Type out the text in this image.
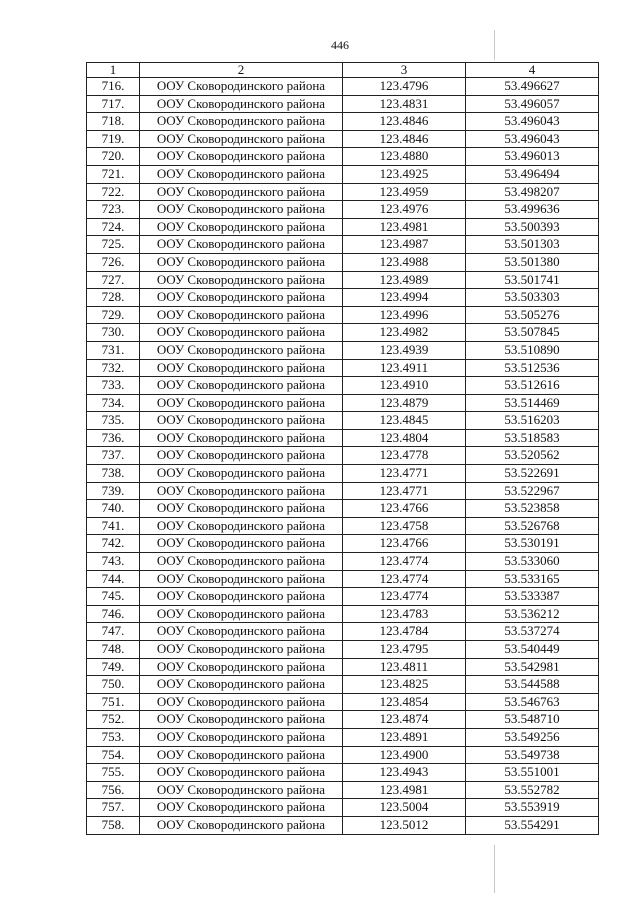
446
1	2	3	4
716.	ООУ Сковородинского района	123.4796	53.496627
717.	ООУ Сковородинского района	123.4831	53.496057
718.	ООУ Сковородинского района	123.4846	53.496043
719.	ООУ Сковородинского района	123.4846	53.496043
720.	ООУ Сковородинского района	123.4880	53.496013
721.	ООУ Сковородинского района	123.4925	53.496494
722.	ООУ Сковородинского района	123.4959	53.498207
723.	ООУ Сковородинского района	123.4976	53.499636
724.	ООУ Сковородинского района	123.4981	53.500393
725.	ООУ Сковородинского района	123.4987	53.501303
726.	ООУ Сковородинского района	123.4988	53.501380
727.	ООУ Сковородинского района	123.4989	53.501741
728.	ООУ Сковородинского района	123.4994	53.503303
729.	ООУ Сковородинского района	123.4996	53.505276
730.	ООУ Сковородинского района	123.4982	53.507845
731.	ООУ Сковородинского района	123.4939	53.510890
732.	ООУ Сковородинского района	123.4911	53.512536
733.	ООУ Сковородинского района	123.4910	53.512616
734.	ООУ Сковородинского района	123.4879	53.514469
735.	ООУ Сковородинского района	123.4845	53.516203
736.	ООУ Сковородинского района	123.4804	53.518583
737.	ООУ Сковородинского района	123.4778	53.520562
738.	ООУ Сковородинского района	123.4771	53.522691
739.	ООУ Сковородинского района	123.4771	53.522967
740.	ООУ Сковородинского района	123.4766	53.523858
741.	ООУ Сковородинского района	123.4758	53.526768
742.	ООУ Сковородинского района	123.4766	53.530191
743.	ООУ Сковородинского района	123.4774	53.533060
744.	ООУ Сковородинского района	123.4774	53.533165
745.	ООУ Сковородинского района	123.4774	53.533387
746.	ООУ Сковородинского района	123.4783	53.536212
747.	ООУ Сковородинского района	123.4784	53.537274
748.	ООУ Сковородинского района	123.4795	53.540449
749.	ООУ Сковородинского района	123.4811	53.542981
750.	ООУ Сковородинского района	123.4825	53.544588
751.	ООУ Сковородинского района	123.4854	53.546763
752.	ООУ Сковородинского района	123.4874	53.548710
753.	ООУ Сковородинского района	123.4891	53.549256
754.	ООУ Сковородинского района	123.4900	53.549738
755.	ООУ Сковородинского района	123.4943	53.551001
756.	ООУ Сковородинского района	123.4981	53.552782
757.	ООУ Сковородинского района	123.5004	53.553919
758.	ООУ Сковородинского района	123.5012	53.554291
